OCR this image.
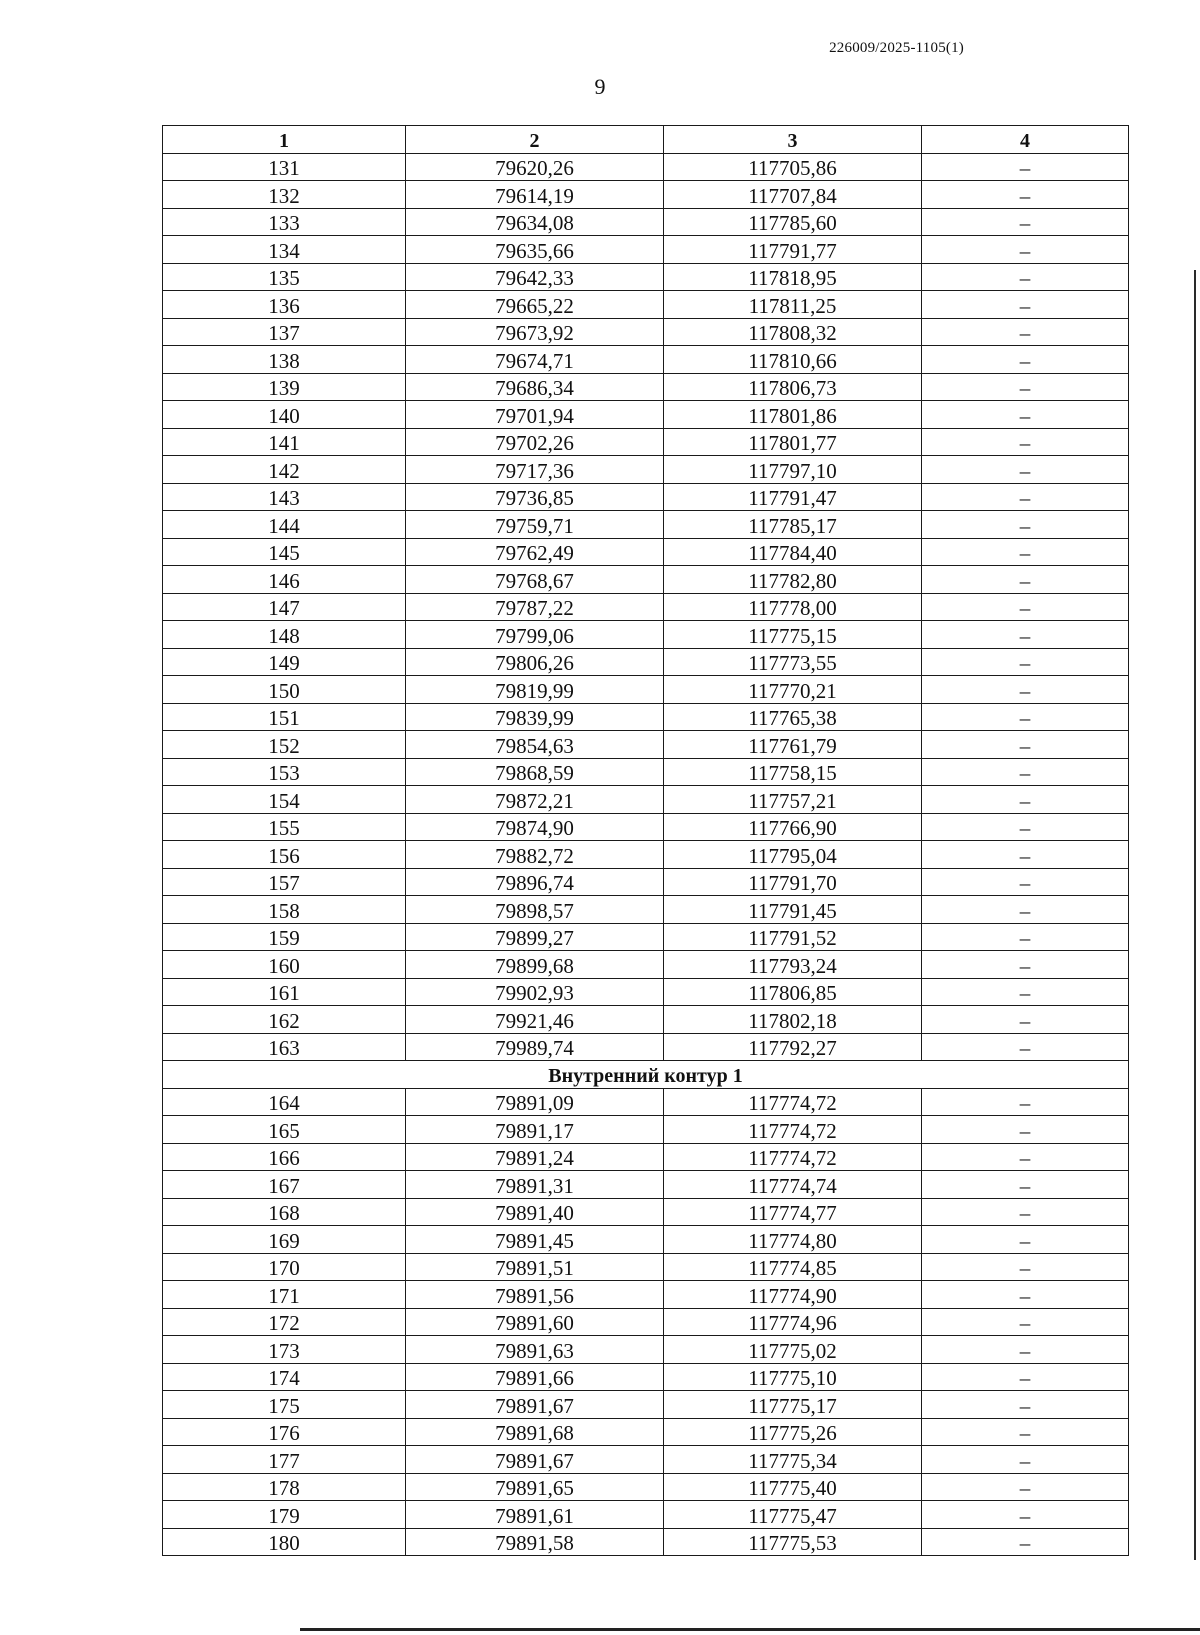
226009/2025-1105(1)
9
1	2	3	4
131	79620,26	117705,86	–
132	79614,19	117707,84	–
133	79634,08	117785,60	–
134	79635,66	117791,77	–
135	79642,33	117818,95	–
136	79665,22	117811,25	–
137	79673,92	117808,32	–
138	79674,71	117810,66	–
139	79686,34	117806,73	–
140	79701,94	117801,86	–
141	79702,26	117801,77	–
142	79717,36	117797,10	–
143	79736,85	117791,47	–
144	79759,71	117785,17	–
145	79762,49	117784,40	–
146	79768,67	117782,80	–
147	79787,22	117778,00	–
148	79799,06	117775,15	–
149	79806,26	117773,55	–
150	79819,99	117770,21	–
151	79839,99	117765,38	–
152	79854,63	117761,79	–
153	79868,59	117758,15	–
154	79872,21	117757,21	–
155	79874,90	117766,90	–
156	79882,72	117795,04	–
157	79896,74	117791,70	–
158	79898,57	117791,45	–
159	79899,27	117791,52	–
160	79899,68	117793,24	–
161	79902,93	117806,85	–
162	79921,46	117802,18	–
163	79989,74	117792,27	–
Внутренний контур 1			
164	79891,09	117774,72	–
165	79891,17	117774,72	–
166	79891,24	117774,72	–
167	79891,31	117774,74	–
168	79891,40	117774,77	–
169	79891,45	117774,80	–
170	79891,51	117774,85	–
171	79891,56	117774,90	–
172	79891,60	117774,96	–
173	79891,63	117775,02	–
174	79891,66	117775,10	–
175	79891,67	117775,17	–
176	79891,68	117775,26	–
177	79891,67	117775,34	–
178	79891,65	117775,40	–
179	79891,61	117775,47	–
180	79891,58	117775,53	–
